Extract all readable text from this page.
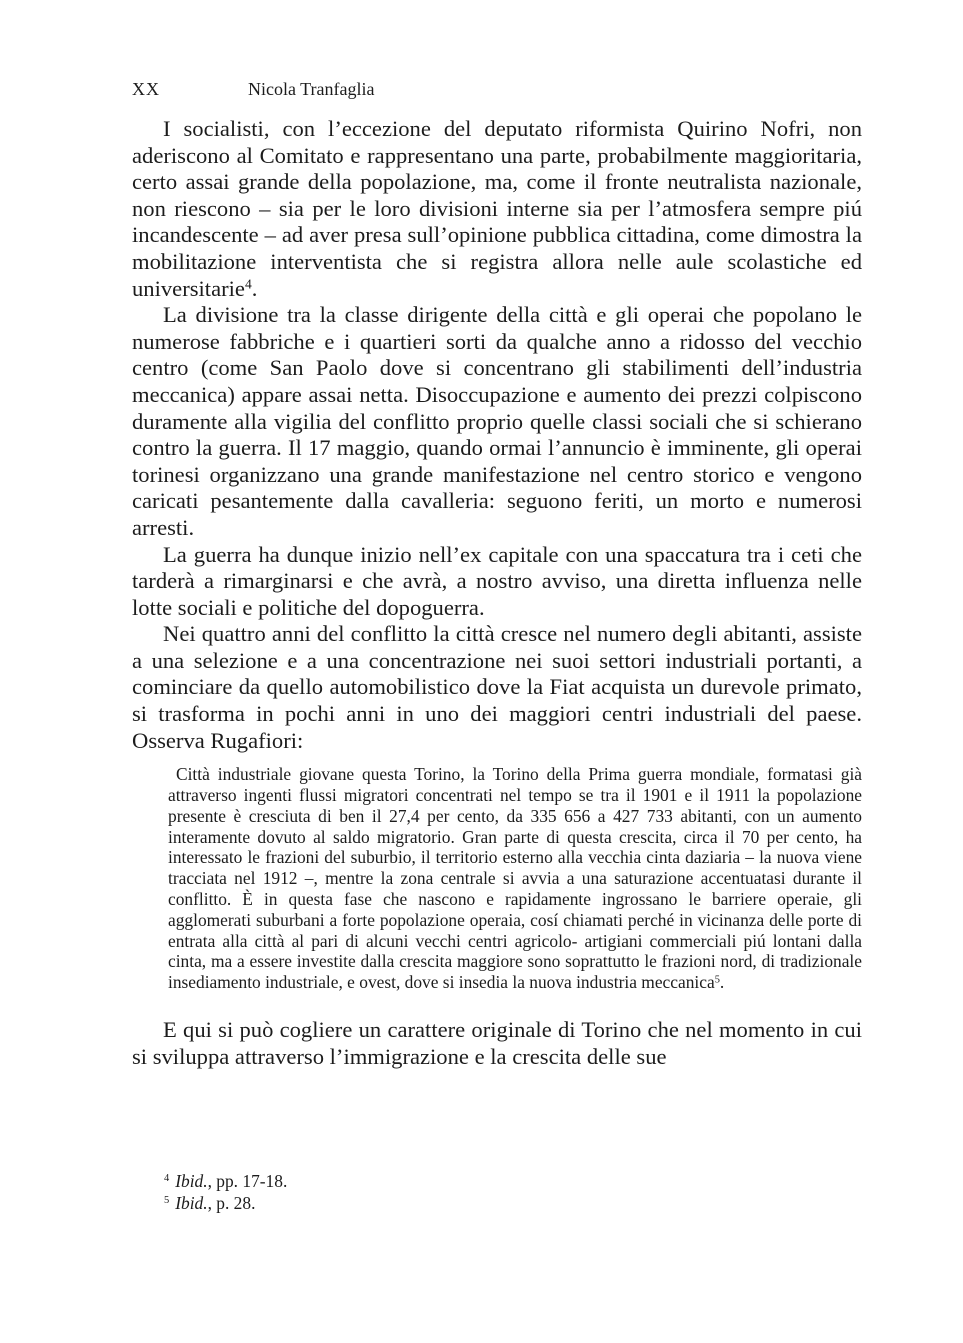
XX	Nicola Tranfaglia

I socialisti, con l’eccezione del deputato riformista Quirino Nofri, non aderiscono al Comitato e rappresentano una parte, probabilmente maggioritaria, certo assai grande della popolazione, ma, come il fronte neutralista nazionale, non riescono – sia per le loro divisioni interne sia per l’atmosfera sempre piú incandescente – ad aver presa sull’opinione pubblica cittadina, come dimostra la mobilitazione interventista che si registra allora nelle aule scolastiche ed universitarie$^4$.

La divisione tra la classe dirigente della città e gli operai che popolano le numerose fabbriche e i quartieri sorti da qualche anno a ridosso del vecchio centro (come San Paolo dove si concentrano gli stabilimenti dell’industria meccanica) appare assai netta. Disoccupazione e aumento dei prezzi colpiscono duramente alla vigilia del conflitto proprio quelle classi sociali che si schierano contro la guerra. Il 17 maggio, quando ormai l’annuncio è imminente, gli operai torinesi organizzano una grande manifestazione nel centro storico e vengono caricati pesantemente dalla cavalleria: seguono feriti, un morto e numerosi arresti.

La guerra ha dunque inizio nell’ex capitale con una spaccatura tra i ceti che tarderà a rimarginarsi e che avrà, a nostro avviso, una diretta influenza nelle lotte sociali e politiche del dopoguerra.

Nei quattro anni del conflitto la città cresce nel numero degli abitanti, assiste a una selezione e a una concentrazione nei suoi settori industriali portanti, a cominciare da quello automobilistico dove la Fiat acquista un durevole primato, si trasforma in pochi anni in uno dei maggiori centri industriali del paese. Osserva Rugafiori:

Città industriale giovane questa Torino, la Torino della Prima guerra mondiale, formatasi già attraverso ingenti flussi migratori concentrati nel tempo se tra il 1901 e il 1911 la popolazione presente è cresciuta di ben il 27,4 per cento, da 335 656 a 427 733 abitanti, con un aumento interamente dovuto al saldo migratorio. Gran parte di questa crescita, circa il 70 per cento, ha interessato le frazioni del suburbio, il territorio esterno alla vecchia cinta daziaria – la nuova viene tracciata nel 1912 –, mentre la zona centrale si avvia a una saturazione accentuatasi durante il conflitto. È in questa fase che nascono e rapidamente ingrossano le barriere operaie, gli agglomerati suburbani a forte popolazione operaia, cosí chiamati perché in vicinanza delle porte di entrata alla città al pari di alcuni vecchi centri agricolo- artigiani commerciali piú lontani dalla cinta, ma a essere investite dalla crescita maggiore sono soprattutto le frazioni nord, di tradizionale insediamento industriale, e ovest, dove si insedia la nuova industria meccanica$^5$.

E qui si può cogliere un carattere originale di Torino che nel momento in cui si sviluppa attraverso l’immigrazione e la crescita delle sue

$^4$ Ibid., pp. 17-18.

$^5$ Ibid., p. 28.
